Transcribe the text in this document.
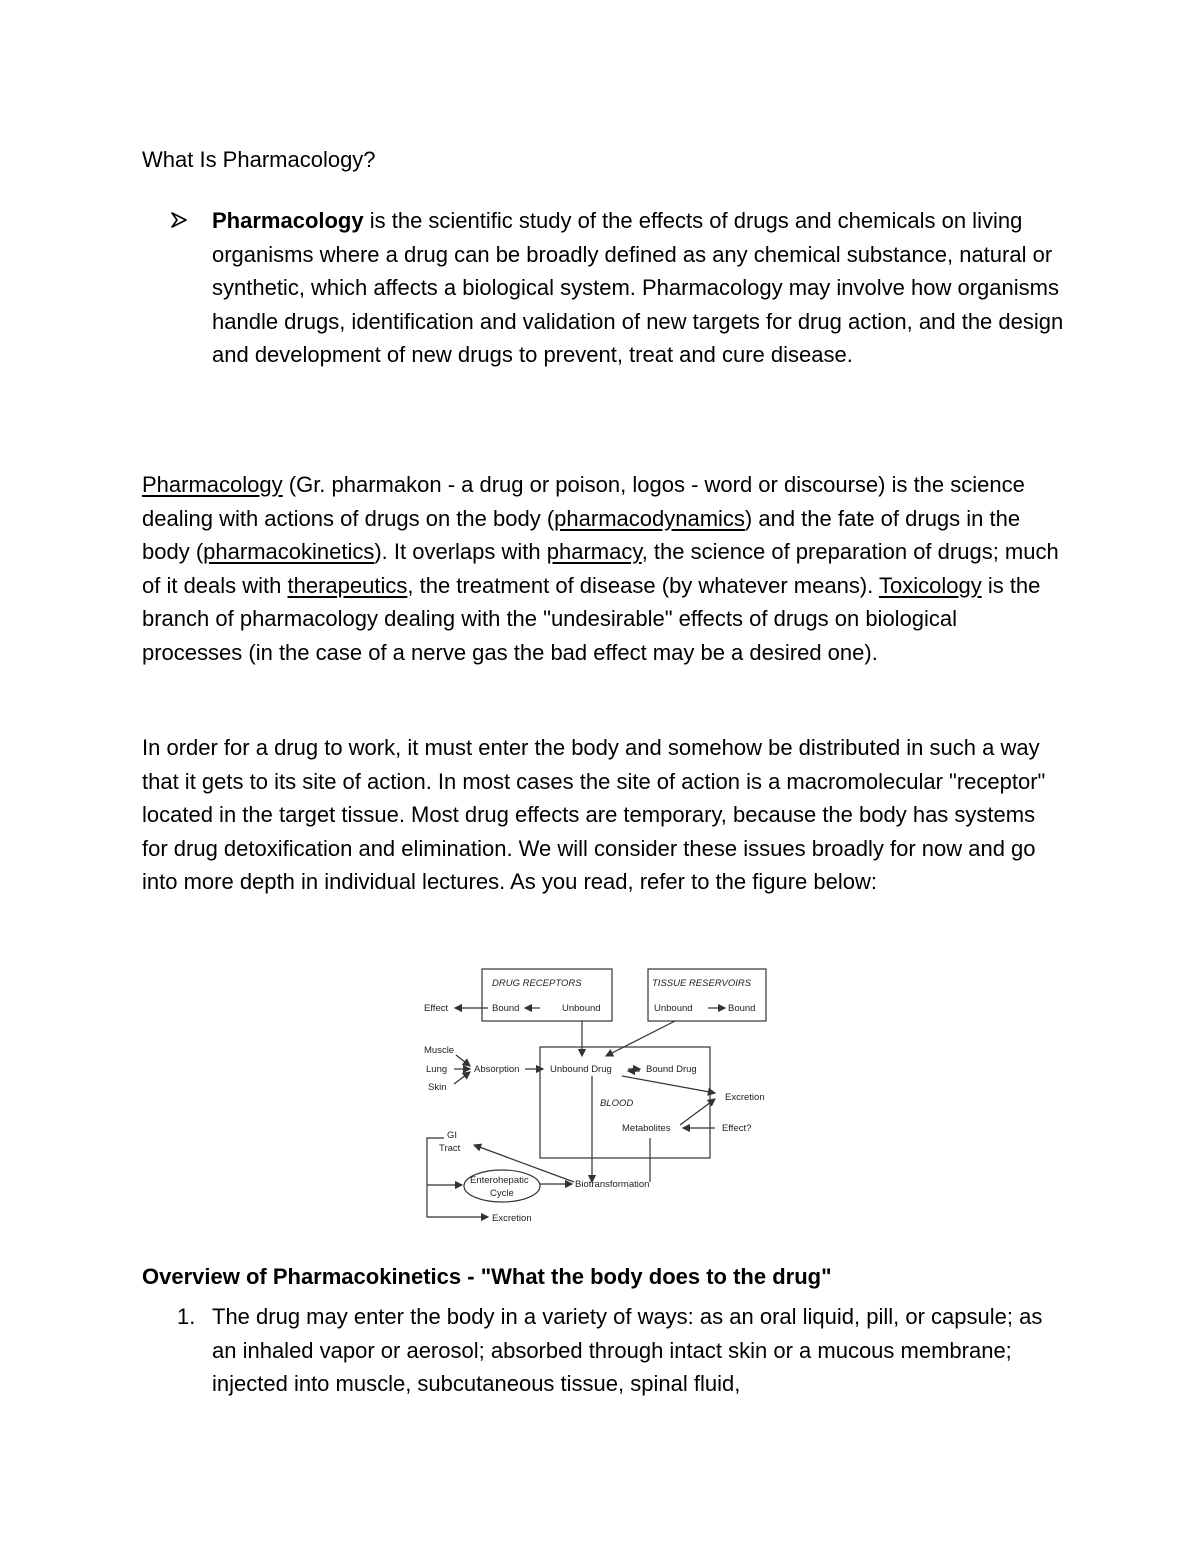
What Is Pharmacology?
Pharmacology is the scientific study of the effects of drugs and chemicals on living organisms where a drug can be broadly defined as any chemical substance, natural or synthetic, which affects a biological system. Pharmacology may involve how organisms handle drugs, identification and validation of new targets for drug action, and the design and development of new drugs to prevent, treat and cure disease.
Pharmacology (Gr. pharmakon - a drug or poison, logos - word or discourse) is the science dealing with actions of drugs on the body (pharmacodynamics) and the fate of drugs in the body (pharmacokinetics). It overlaps with pharmacy, the science of preparation of drugs; much of it deals with therapeutics, the treatment of disease (by whatever means). Toxicology is the branch of pharmacology dealing with the "undesirable" effects of drugs on biological processes (in the case of a nerve gas the bad effect may be a desired one).
In order for a drug to work, it must enter the body and somehow be distributed in such a way that it gets to its site of action. In most cases the site of action is a macromolecular "receptor" located in the target tissue. Most drug effects are temporary, because the body has systems for drug detoxification and elimination. We will consider these issues broadly for now and go into more depth in individual lectures. As you read, refer to the figure below:
DRUG RECEPTORS	TISSUE RESERVOIRS
Effect	Bound	Unbound	Unbound	Bound
Muscle
Lung
Skin
Absorption	Unbound Drug	Bound Drug
BLOOD
Excretion
Metabolites	Effect?
GI
Tract
Enterohepatic
Cycle
Biotransformation
Excretion
Overview of Pharmacokinetics - "What the body does to the drug"
1. The drug may enter the body in a variety of ways: as an oral liquid, pill, or capsule; as an inhaled vapor or aerosol; absorbed through intact skin or a mucous membrane; injected into muscle, subcutaneous tissue, spinal fluid,
